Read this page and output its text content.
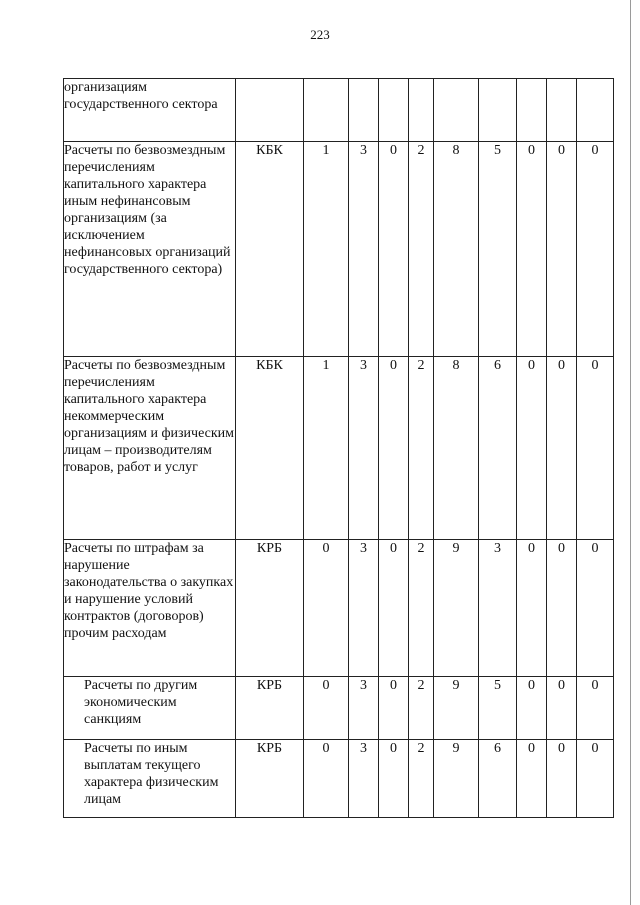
223
организациям государственного сектора										
Расчеты по безвозмездным перечислениям капитального характера иным нефинансовым организациям (за исключением нефинансовых организаций государственного сектора)	КБК	1	3	0	2	8	5	0	0	0
Расчеты по безвозмездным перечислениям капитального характера некоммерческим организациям и физическим лицам – производителям товаров, работ и услуг	КБК	1	3	0	2	8	6	0	0	0
Расчеты по штрафам за нарушение законодательства о закупках и нарушение условий контрактов (договоров) прочим расходам	КРБ	0	3	0	2	9	3	0	0	0
Расчеты по другим экономическим санкциям	КРБ	0	3	0	2	9	5	0	0	0
Расчеты по иным выплатам текущего характера физическим лицам	КРБ	0	3	0	2	9	6	0	0	0
